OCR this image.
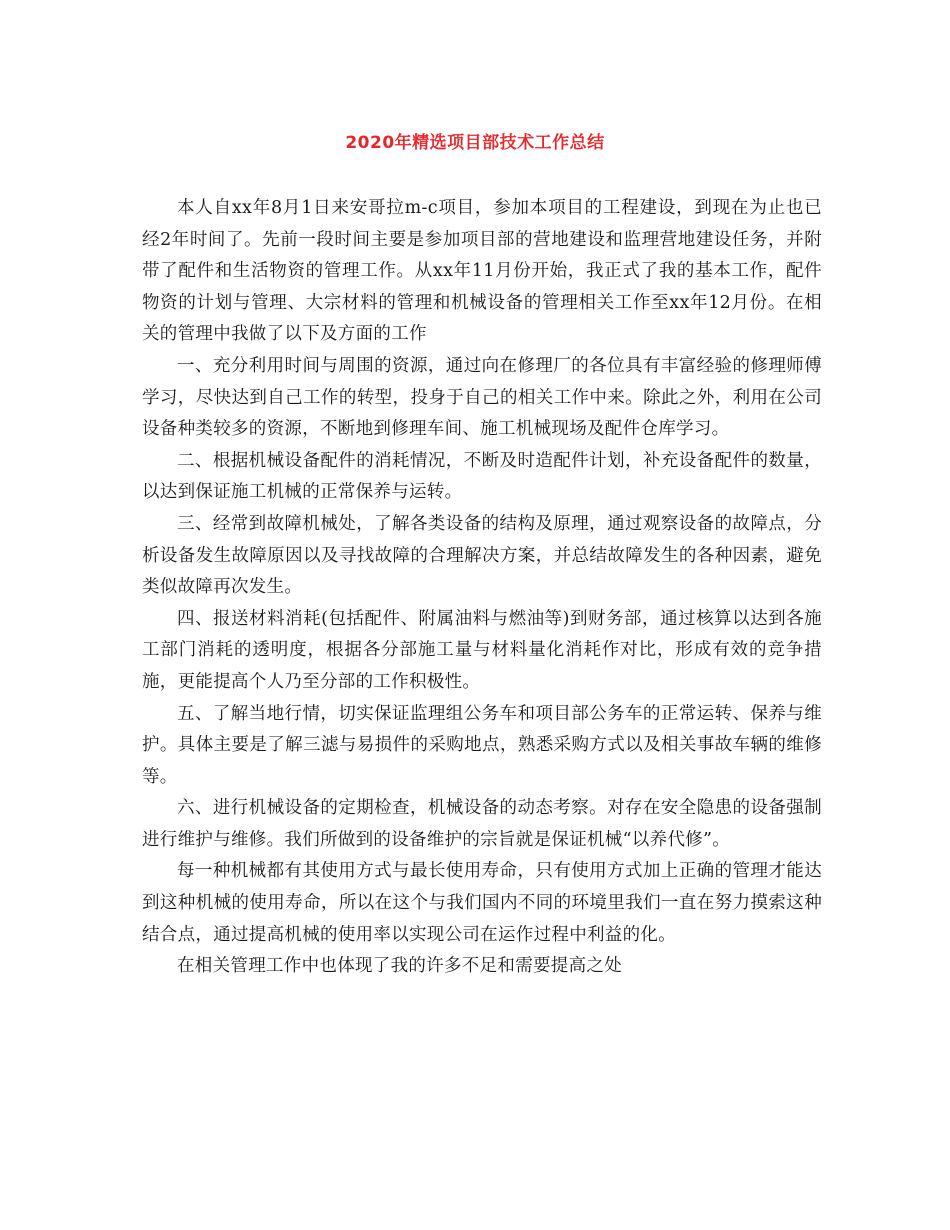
2020年精选项目部技术工作总结

本人自xx年8月1日来安哥拉m-c项目，参加本项目的工程建设，到现在为止也已经2年时间了。先前一段时间主要是参加项目部的营地建设和监理营地建设任务，并附带了配件和生活物资的管理工作。从xx年11月份开始，我正式了我的基本工作，配件物资的计划与管理、大宗材料的管理和机械设备的管理相关工作至xx年12月份。在相关的管理中我做了以下及方面的工作

一、充分利用时间与周围的资源，通过向在修理厂的各位具有丰富经验的修理师傅学习，尽快达到自己工作的转型，投身于自己的相关工作中来。除此之外，利用在公司设备种类较多的资源，不断地到修理车间、施工机械现场及配件仓库学习。

二、根据机械设备配件的消耗情况，不断及时造配件计划，补充设备配件的数量，以达到保证施工机械的正常保养与运转。

三、经常到故障机械处，了解各类设备的结构及原理，通过观察设备的故障点，分析设备发生故障原因以及寻找故障的合理解决方案，并总结故障发生的各种因素，避免类似故障再次发生。

四、报送材料消耗(包括配件、附属油料与燃油等)到财务部，通过核算以达到各施工部门消耗的透明度，根据各分部施工量与材料量化消耗作对比，形成有效的竞争措施，更能提高个人乃至分部的工作积极性。

五、了解当地行情，切实保证监理组公务车和项目部公务车的正常运转、保养与维护。具体主要是了解三滤与易损件的采购地点，熟悉采购方式以及相关事故车辆的维修等。

六、进行机械设备的定期检查，机械设备的动态考察。对存在安全隐患的设备强制进行维护与维修。我们所做到的设备维护的宗旨就是保证机械“以养代修”。

每一种机械都有其使用方式与最长使用寿命，只有使用方式加上正确的管理才能达到这种机械的使用寿命，所以在这个与我们国内不同的环境里我们一直在努力摸索这种结合点，通过提高机械的使用率以实现公司在运作过程中利益的化。

在相关管理工作中也体现了我的许多不足和需要提高之处
